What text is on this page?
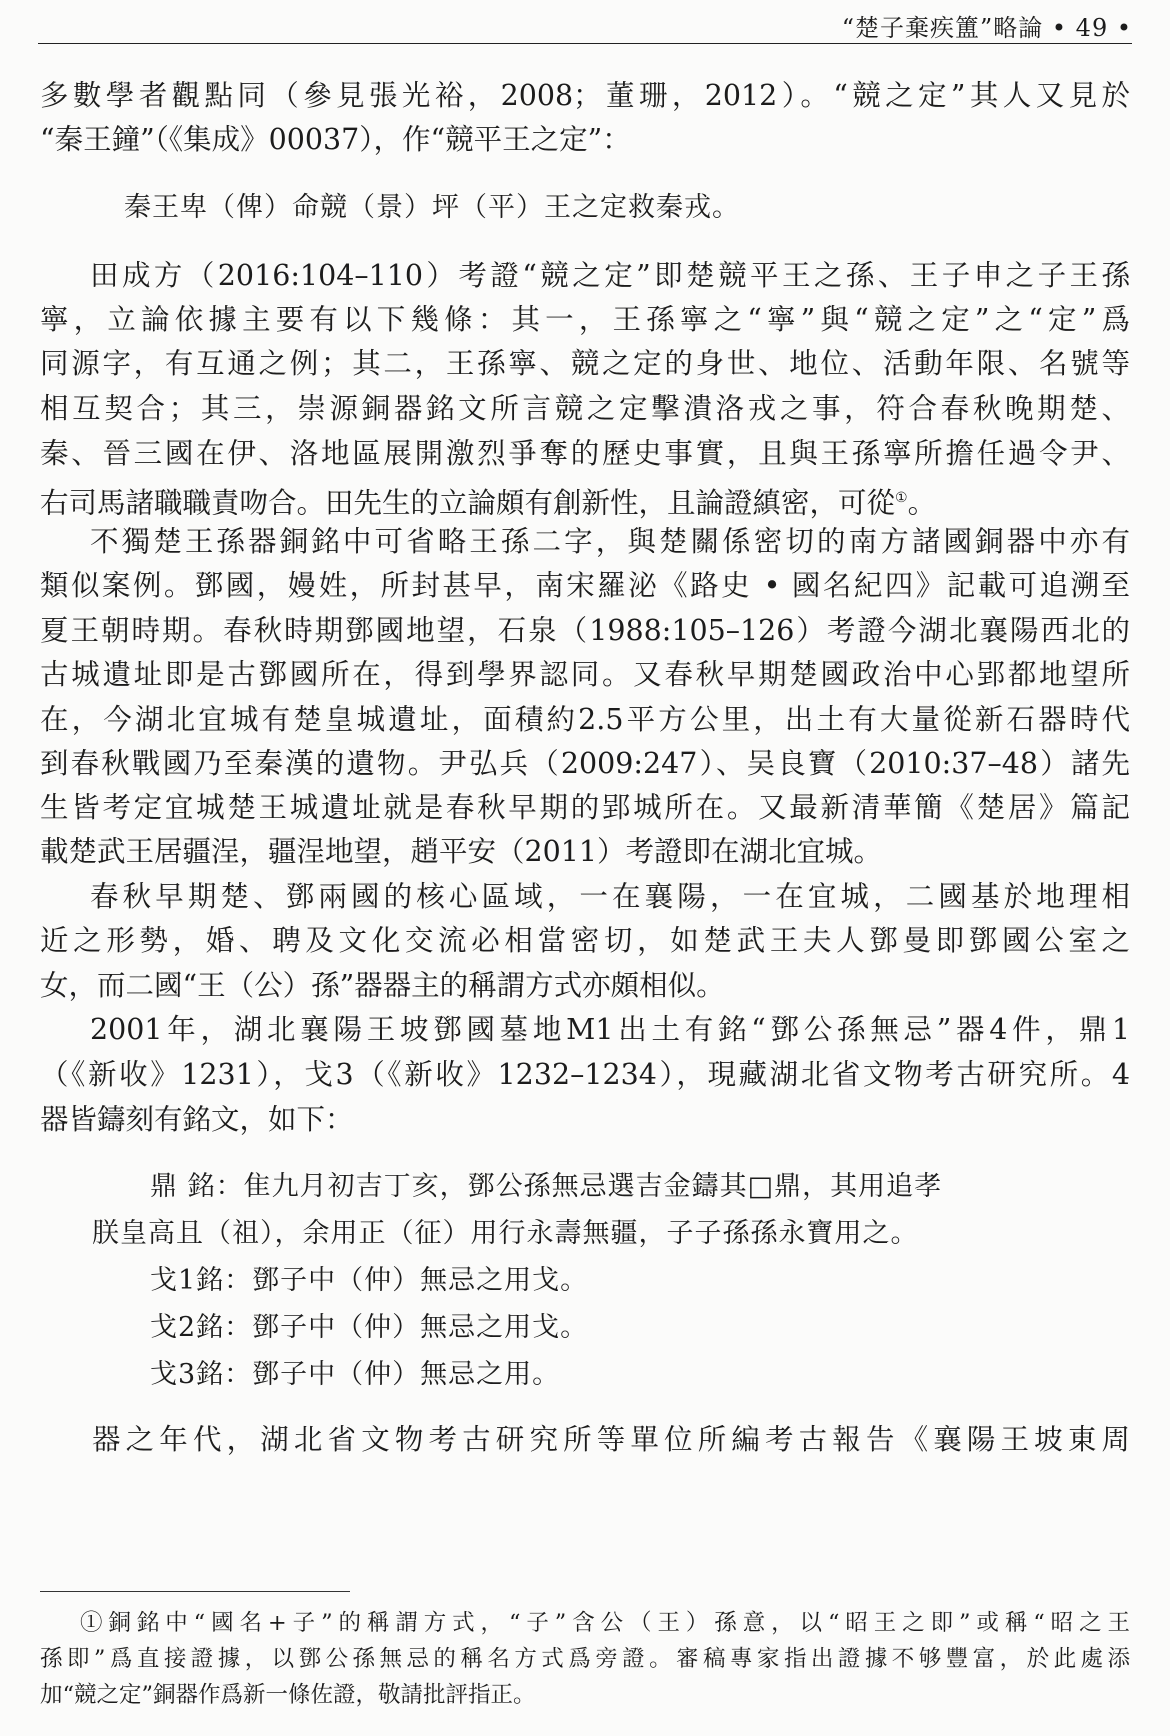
“楚子棄疾簠”略論 • 49 •
多數學者觀點同（參見張光裕，2008；董珊，2012）。“競之定”其人又見於
“秦王鐘”（《集成》00037），作“競平王之定”：
秦王卑（俾）命競（景）坪（平）王之定救秦戎。
田成方（2016:104–110）考證“競之定”即楚競平王之孫、王子申之子王孫
寧，立論依據主要有以下幾條：其一，王孫寧之“寧”與“競之定”之“定”爲
同源字，有互通之例；其二，王孫寧、競之定的身世、地位、活動年限、名號等
相互契合；其三，崇源銅器銘文所言競之定擊潰洛戎之事，符合春秋晚期楚、
秦、晉三國在伊、洛地區展開激烈爭奪的歷史事實，且與王孫寧所擔任過令尹、
右司馬諸職職責吻合。田先生的立論頗有創新性，且論證縝密，可從①。
不獨楚王孫器銅銘中可省略王孫二字，與楚關係密切的南方諸國銅器中亦有
類似案例。鄧國，嫚姓，所封甚早，南宋羅泌《路史 • 國名紀四》記載可追溯至
夏王朝時期。春秋時期鄧國地望，石泉（1988:105–126）考證今湖北襄陽西北的
古城遺址即是古鄧國所在，得到學界認同。又春秋早期楚國政治中心郢都地望所
在，今湖北宜城有楚皇城遺址，面積約2.5平方公里，出土有大量從新石器時代
到春秋戰國乃至秦漢的遺物。尹弘兵（2009:247）、吴良寶（2010:37–48）諸先
生皆考定宜城楚王城遺址就是春秋早期的郢城所在。又最新清華簡《楚居》篇記
載楚武王居疆浧，疆浧地望，趙平安（2011）考證即在湖北宜城。
春秋早期楚、鄧兩國的核心區域，一在襄陽，一在宜城，二國基於地理相
近之形勢，婚、聘及文化交流必相當密切，如楚武王夫人鄧曼即鄧國公室之
女，而二國“王（公）孫”器器主的稱謂方式亦頗相似。
2001年，湖北襄陽王坡鄧國墓地M1出土有銘“鄧公孫無忌”器4件，鼎1
（《新收》1231），戈3（《新收》1232–1234），現藏湖北省文物考古研究所。4
器皆鑄刻有銘文，如下：
鼎 銘：隹九月初吉丁亥，鄧公孫無忌選吉金鑄其□鼎，其用追孝
朕皇高且（祖），余用正（征）用行永壽無疆，子子孫孫永寶用之。
戈1銘：鄧子中（仲）無忌之用戈。
戈2銘：鄧子中（仲）無忌之用戈。
戈3銘：鄧子中（仲）無忌之用。
器之年代，湖北省文物考古研究所等單位所編考古報告《襄陽王坡東周
①銅銘中“國名+子”的稱謂方式，“子”含公（王）孫意，以“昭王之即”或稱“昭之王
孫即”爲直接證據，以鄧公孫無忌的稱名方式爲旁證。審稿專家指出證據不够豐富，於此處添
加“競之定”銅器作爲新一條佐證，敬請批評指正。
